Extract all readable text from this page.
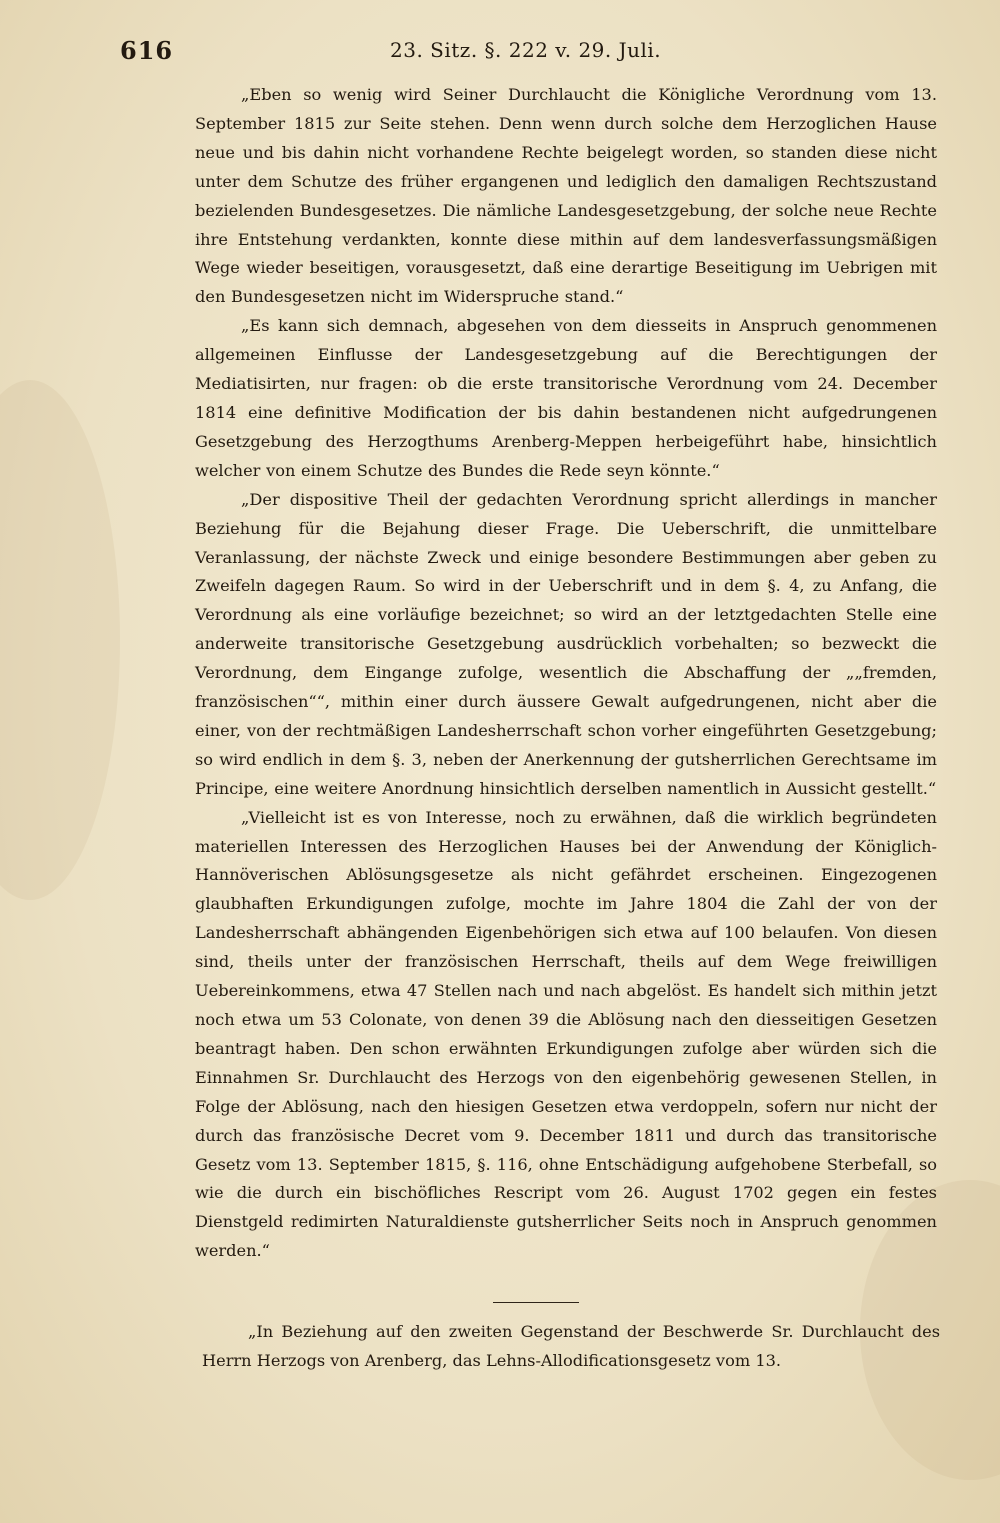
616	23. Sitz. §. 222 v. 29. Juli.

„Eben so wenig wird Seiner Durchlaucht die Königliche Verordnung vom 13. September 1815 zur Seite stehen. Denn wenn durch solche dem Herzoglichen Hause neue und bis dahin nicht vorhandene Rechte beigelegt worden, so standen diese nicht unter dem Schutze des früher ergangenen und lediglich den damaligen Rechtszustand bezielenden Bundesgesetzes. Die nämliche Landesgesetzgebung, der solche neue Rechte ihre Entstehung verdankten, konnte diese mithin auf dem landesverfassungsmäßigen Wege wieder beseitigen, vorausgesetzt, daß eine derartige Beseitigung im Uebrigen mit den Bundesgesetzen nicht im Widerspruche stand.“

„Es kann sich demnach, abgesehen von dem diesseits in Anspruch genommenen allgemeinen Einflusse der Landesgesetzgebung auf die Berechtigungen der Mediatisirten, nur fragen: ob die erste transitorische Verordnung vom 24. December 1814 eine definitive Modification der bis dahin bestandenen nicht aufgedrungenen Gesetzgebung des Herzogthums Arenberg-Meppen herbeigeführt habe, hinsichtlich welcher von einem Schutze des Bundes die Rede seyn könnte.“

„Der dispositive Theil der gedachten Verordnung spricht allerdings in mancher Beziehung für die Bejahung dieser Frage. Die Ueberschrift, die unmittelbare Veranlassung, der nächste Zweck und einige besondere Bestimmungen aber geben zu Zweifeln dagegen Raum. So wird in der Ueberschrift und in dem §. 4, zu Anfang, die Verordnung als eine vorläufige bezeichnet; so wird an der letztgedachten Stelle eine anderweite transitorische Gesetzgebung ausdrücklich vorbehalten; so bezweckt die Verordnung, dem Eingange zufolge, wesentlich die Abschaffung der „„fremden, französischen““, mithin einer durch äussere Gewalt aufgedrungenen, nicht aber die einer, von der rechtmäßigen Landesherrschaft schon vorher eingeführten Gesetzgebung; so wird endlich in dem §. 3, neben der Anerkennung der gutsherrlichen Gerechtsame im Principe, eine weitere Anordnung hinsichtlich derselben namentlich in Aussicht gestellt.“

„Vielleicht ist es von Interesse, noch zu erwähnen, daß die wirklich begründeten materiellen Interessen des Herzoglichen Hauses bei der Anwendung der Königlich-Hannöverischen Ablösungsgesetze als nicht gefährdet erscheinen. Eingezogenen glaubhaften Erkundigungen zufolge, mochte im Jahre 1804 die Zahl der von der Landesherrschaft abhängenden Eigenbehörigen sich etwa auf 100 belaufen. Von diesen sind, theils unter der französischen Herrschaft, theils auf dem Wege freiwilligen Uebereinkommens, etwa 47 Stellen nach und nach abgelöst. Es handelt sich mithin jetzt noch etwa um 53 Colonate, von denen 39 die Ablösung nach den diesseitigen Gesetzen beantragt haben. Den schon erwähnten Erkundigungen zufolge aber würden sich die Einnahmen Sr. Durchlaucht des Herzogs von den eigenbehörig gewesenen Stellen, in Folge der Ablösung, nach den hiesigen Gesetzen etwa verdoppeln, sofern nur nicht der durch das französische Decret vom 9. December 1811 und durch das transitorische Gesetz vom 13. September 1815, §. 116, ohne Entschädigung aufgehobene Sterbefall, so wie die durch ein bischöfliches Rescript vom 26. August 1702 gegen ein festes Dienstgeld redimirten Naturaldienste gutsherrlicher Seits noch in Anspruch genommen werden.“

„In Beziehung auf den zweiten Gegenstand der Beschwerde Sr. Durchlaucht des Herrn Herzogs von Arenberg, das Lehns-Allodificationsgesetz vom 13.
